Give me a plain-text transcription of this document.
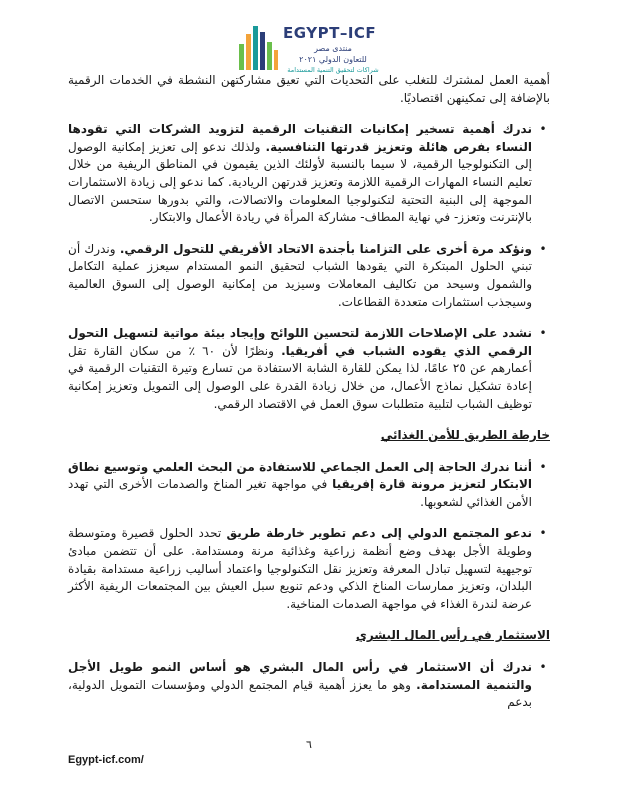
EGYPT–ICF
منتدى مصر
للتعاون الدولي ٢٠٢١
شراكات لتحقيق التنمية المستدامة

أهمية العمل لمشترك للتغلب على التحديات التي تعيق مشاركتهن النشطة في الخدمات الرقمية بالإضافة إلى تمكينهن اقتصاديًا.

•
ندرك أهمية تسخير إمكانيات التقنيات الرقمية لتزويد الشركات التي تقودها النساء بفرص هائلة وتعزيز قدرتها التنافسية. ولذلك ندعو إلى تعزيز إمكانية الوصول إلى التكنولوجيا الرقمية، لا سيما بالنسبة لأولئك الذين يقيمون في المناطق الريفية من خلال تعليم النساء المهارات الرقمية اللازمة وتعزيز قدرتهن الريادية. كما ندعو إلى زيادة الاستثمارات الموجهة إلى البنية التحتية لتكنولوجيا المعلومات والاتصالات، والتي بدورها ستحسن الاتصال بالإنترنت وتعزز- في نهاية المطاف- مشاركة المرأة في ريادة الأعمال والابتكار.
•
ونؤكد مرة أخرى على التزامنا بأجندة الاتحاد الأفريقي للتحول الرقمي. وندرك أن تبني الحلول المبتكرة التي يقودها الشباب لتحقيق النمو المستدام سيعزز عملية التكامل والشمول وسيحد من تكاليف المعاملات وسيزيد من إمكانية الوصول إلى السوق العالمية وسيجذب استثمارات متعددة القطاعات.
•
نشدد على الإصلاحات اللازمة لتحسين اللوائح وإيجاد بيئة مواتية لتسهيل التحول الرقمي الذي يقوده الشباب في أفريقيا. ونظرًا لأن ٦٠ ٪ من سكان القارة تقل أعمارهم عن ٢٥ عامًا، لذا يمكن للقارة الشابة الاستفادة من تسارع وتيرة التقنيات الرقمية في إعادة تشكيل نماذج الأعمال، من خلال زيادة القدرة على الوصول إلى التمويل وتعزيز إمكانية توظيف الشباب لتلبية متطلبات سوق العمل في الاقتصاد الرقمي.

خارطة الطريق للأمن الغذائي

•
أننا ندرك الحاجة إلى العمل الجماعي للاستفادة من البحث العلمي وتوسيع نطاق الابتكار لتعزيز مرونة قارة إفريقيا في مواجهة تغير المناخ والصدمات الأخرى التي تهدد الأمن الغذائي لشعوبها.
•
ندعو المجتمع الدولي إلى دعم تطوير خارطة طريق تحدد الحلول قصيرة ومتوسطة وطويلة الأجل بهدف وضع أنظمة زراعية وغذائية مرنة ومستدامة. على أن تتضمن مبادئ توجيهية لتسهيل تبادل المعرفة وتعزيز نقل التكنولوجيا واعتماد أساليب زراعية مستدامة بقيادة البلدان، وتعزيز ممارسات المناخ الذكي ودعم تنويع سبل العيش بين المجتمعات الريفية الأكثر عرضة لندرة الغذاء في مواجهة الصدمات المناخية.

الاستثمار في رأس المال البشري

•
ندرك أن الاستثمار في رأس المال البشري هو أساس النمو طويل الأجل والتنمية المستدامة. وهو ما يعزز أهمية قيام المجتمع الدولي ومؤسسات التمويل الدولية، بدعم
٦
Egypt-icf.com/
